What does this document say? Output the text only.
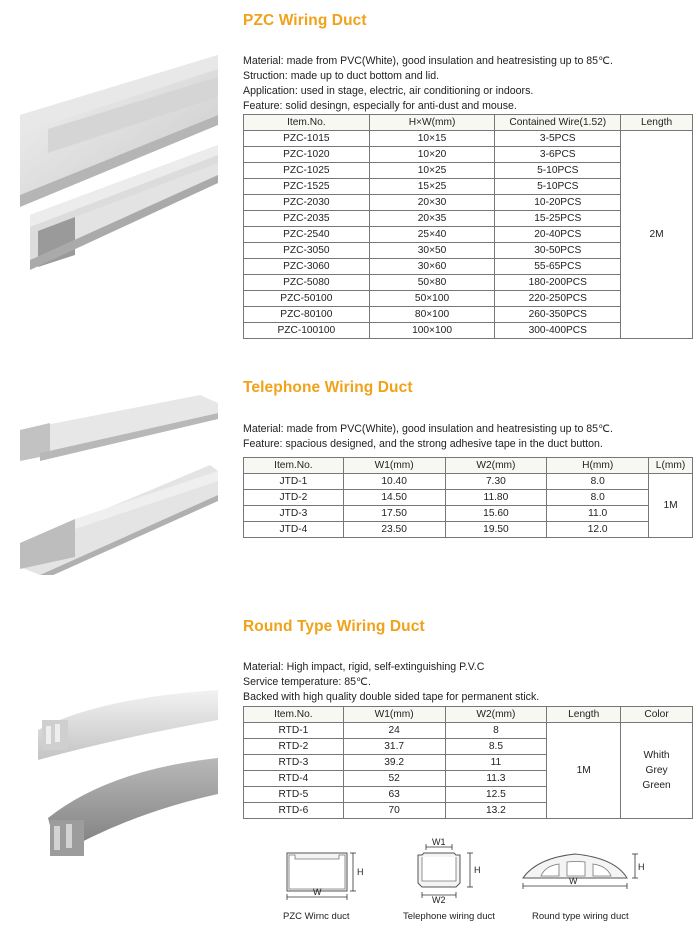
PZC Wiring Duct
Material: made from PVC(White), good insulation and heatresisting up to 85℃.
Struction: made up to duct bottom and lid.
Application: used in stage, electric, air conditioning or indoors.
Feature: solid desingn, especially for anti-dust and mouse.
Item.No.	H×W(mm)	Contained Wire(1.52)	Length
PZC-1015	10×15	3-5PCS	2M
PZC-1020	10×20	3-6PCS	
PZC-1025	10×25	5-10PCS	
PZC-1525	15×25	5-10PCS	
PZC-2030	20×30	10-20PCS	
PZC-2035	20×35	15-25PCS	
PZC-2540	25×40	20-40PCS	
PZC-3050	30×50	30-50PCS	
PZC-3060	30×60	55-65PCS	
PZC-5080	50×80	180-200PCS	
PZC-50100	50×100	220-250PCS	
PZC-80100	80×100	260-350PCS	
PZC-100100	100×100	300-400PCS	
Telephone Wiring Duct
Material: made from PVC(White), good insulation and heatresisting up to 85℃.
Feature: spacious designed, and the strong adhesive tape in the duct button.
Item.No.	W1(mm)	W2(mm)	H(mm)	L(mm)
JTD-1	10.40	7.30	8.0	1M
JTD-2	14.50	11.80	8.0	
JTD-3	17.50	15.60	11.0	
JTD-4	23.50	19.50	12.0	
Round Type Wiring Duct
Material: High impact, rigid, self-extinguishing P.V.C
Service temperature: 85℃.
Backed with high quality double sided tape for permanent stick.
Item.No.	W1(mm)	W2(mm)	Length	Color
RTD-1	24	8	1M	Whith
Grey
Green

RTD-2	31.7	8.5		
RTD-3	39.2	11		
RTD-4	52	11.3		
RTD-5	63	12.5		
RTD-6	70	13.2		
H
W
PZC Wirnc duct
W1
H
W2
Telephone wiring duct
H
W
Round type wiring duct
